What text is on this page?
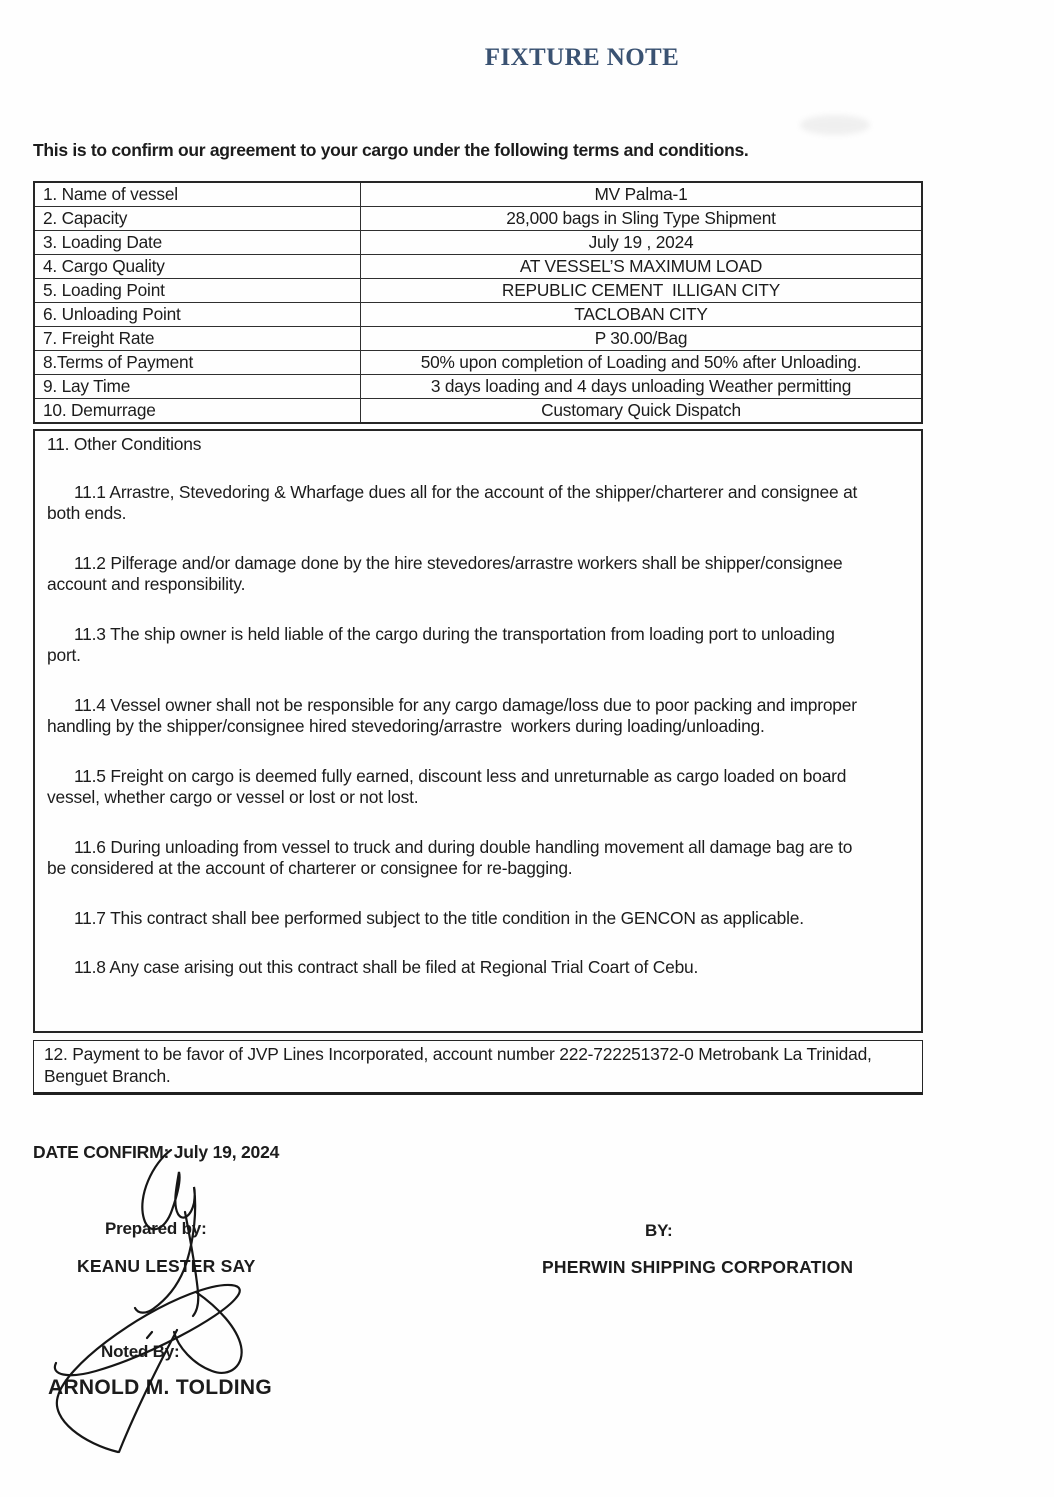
FIXTURE NOTE
This is to confirm our agreement to your cargo under the following terms and conditions.
1. Name of vessel	MV Palma-1
2. Capacity	28,000 bags in Sling Type Shipment
3. Loading Date	July 19 , 2024
4. Cargo Quality	AT VESSEL’S MAXIMUM LOAD
5. Loading Point	REPUBLIC CEMENT  ILLIGAN CITY
6. Unloading Point	TACLOBAN CITY
7. Freight Rate	P 30.00/Bag
8.Terms of Payment	50% upon completion of Loading and 50% after Unloading.
9. Lay Time	3 days loading and 4 days unloading Weather permitting
10. Demurrage	Customary Quick Dispatch
11. Other Conditions

11.1 Arrastre, Stevedoring & Wharfage dues all for the account of the shipper/charterer and consignee at both ends.

11.2 Pilferage and/or damage done by the hire stevedores/arrastre workers shall be shipper/consignee account and responsibility.

11.3 The ship owner is held liable of the cargo during the transportation from loading port to unloading port.

11.4 Vessel owner shall not be responsible for any cargo damage/loss due to poor packing and improper handling by the shipper/consignee hired stevedoring/arrastre  workers during loading/unloading.

11.5 Freight on cargo is deemed fully earned, discount less and unreturnable as cargo loaded on board vessel, whether cargo or vessel or lost or not lost.

11.6 During unloading from vessel to truck and during double handling movement all damage bag are to be considered at the account of charterer or consignee for re-bagging.

11.7 This contract shall bee performed subject to the title condition in the GENCON as applicable.

11.8 Any case arising out this contract shall be filed at Regional Trial Coart of Cebu.

12. Payment to be favor of JVP Lines Incorporated, account number 222-722251372-0 Metrobank La Trinidad, Benguet Branch.
DATE CONFIRM: July 19, 2024
Prepared by:
KEANU LESTER SAY
BY:
PHERWIN SHIPPING CORPORATION
Noted By:
ARNOLD M. TOLDING
